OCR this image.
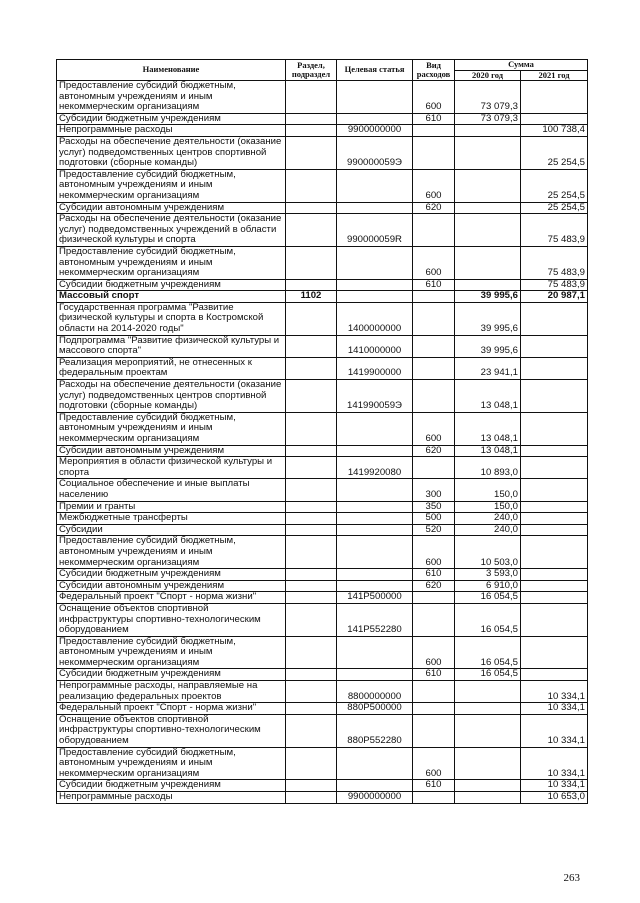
Наименование	Раздел, подраздел	Целевая статья	Вид расходов	Сумма	
				2020 год	2021 год
Предоставление субсидий бюджетным, автономным учреждениям и иным некоммерческим организациям			600	73 079,3	
Субсидии бюджетным учреждениям			610	73 079,3	
Непрограммные расходы		9900000000			100 738,4
Расходы на обеспечение деятельности (оказание услуг) подведомственных центров спортивной подготовки (сборные команды)		990000059Э			25 254,5
Предоставление субсидий бюджетным, автономным учреждениям и иным некоммерческим организациям			600		25 254,5
Субсидии автономным учреждениям			620		25 254,5
Расходы на обеспечение деятельности (оказание услуг) подведомственных учреждений в области физической культуры и спорта		990000059R			75 483,9
Предоставление субсидий бюджетным, автономным учреждениям и иным некоммерческим организациям			600		75 483,9
Субсидии бюджетным учреждениям			610		75 483,9
Массовый спорт	1102			39 995,6	20 987,1
Государственная программа "Развитие физической культуры и спорта в Костромской области на 2014-2020 годы"		1400000000		39 995,6	
Подпрограмма "Развитие физической культуры и массового спорта"		1410000000		39 995,6	
Реализация мероприятий, не отнесенных к федеральным проектам		1419900000		23 941,1	
Расходы на обеспечение деятельности (оказание услуг) подведомственных центров спортивной подготовки (сборные команды)		141990059Э		13 048,1	
Предоставление субсидий бюджетным, автономным учреждениям и иным некоммерческим организациям			600	13 048,1	
Субсидии автономным учреждениям			620	13 048,1	
Мероприятия в области физической культуры и спорта		1419920080		10 893,0	
Социальное обеспечение и иные выплаты населению			300	150,0	
Премии и гранты			350	150,0	
Межбюджетные трансферты			500	240,0	
Субсидии			520	240,0	
Предоставление субсидий бюджетным, автономным учреждениям и иным некоммерческим организациям			600	10 503,0	
Субсидии бюджетным учреждениям			610	3 593,0	
Субсидии автономным учреждениям			620	6 910,0	
Федеральный проект "Спорт - норма жизни"		141P500000		16 054,5	
Оснащение объектов спортивной инфраструктуры спортивно-технологическим оборудованием		141P552280		16 054,5	
Предоставление субсидий бюджетным, автономным учреждениям и иным некоммерческим организациям			600	16 054,5	
Субсидии бюджетным учреждениям			610	16 054,5	
Непрограммные расходы, направляемые на реализацию федеральных проектов		8800000000			10 334,1
Федеральный проект "Спорт - норма жизни"		880P500000			10 334,1
Оснащение объектов спортивной инфраструктуры спортивно-технологическим оборудованием		880P552280			10 334,1
Предоставление субсидий бюджетным, автономным учреждениям и иным некоммерческим организациям			600		10 334,1
Субсидии бюджетным учреждениям			610		10 334,1
Непрограммные расходы		9900000000			10 653,0
263
